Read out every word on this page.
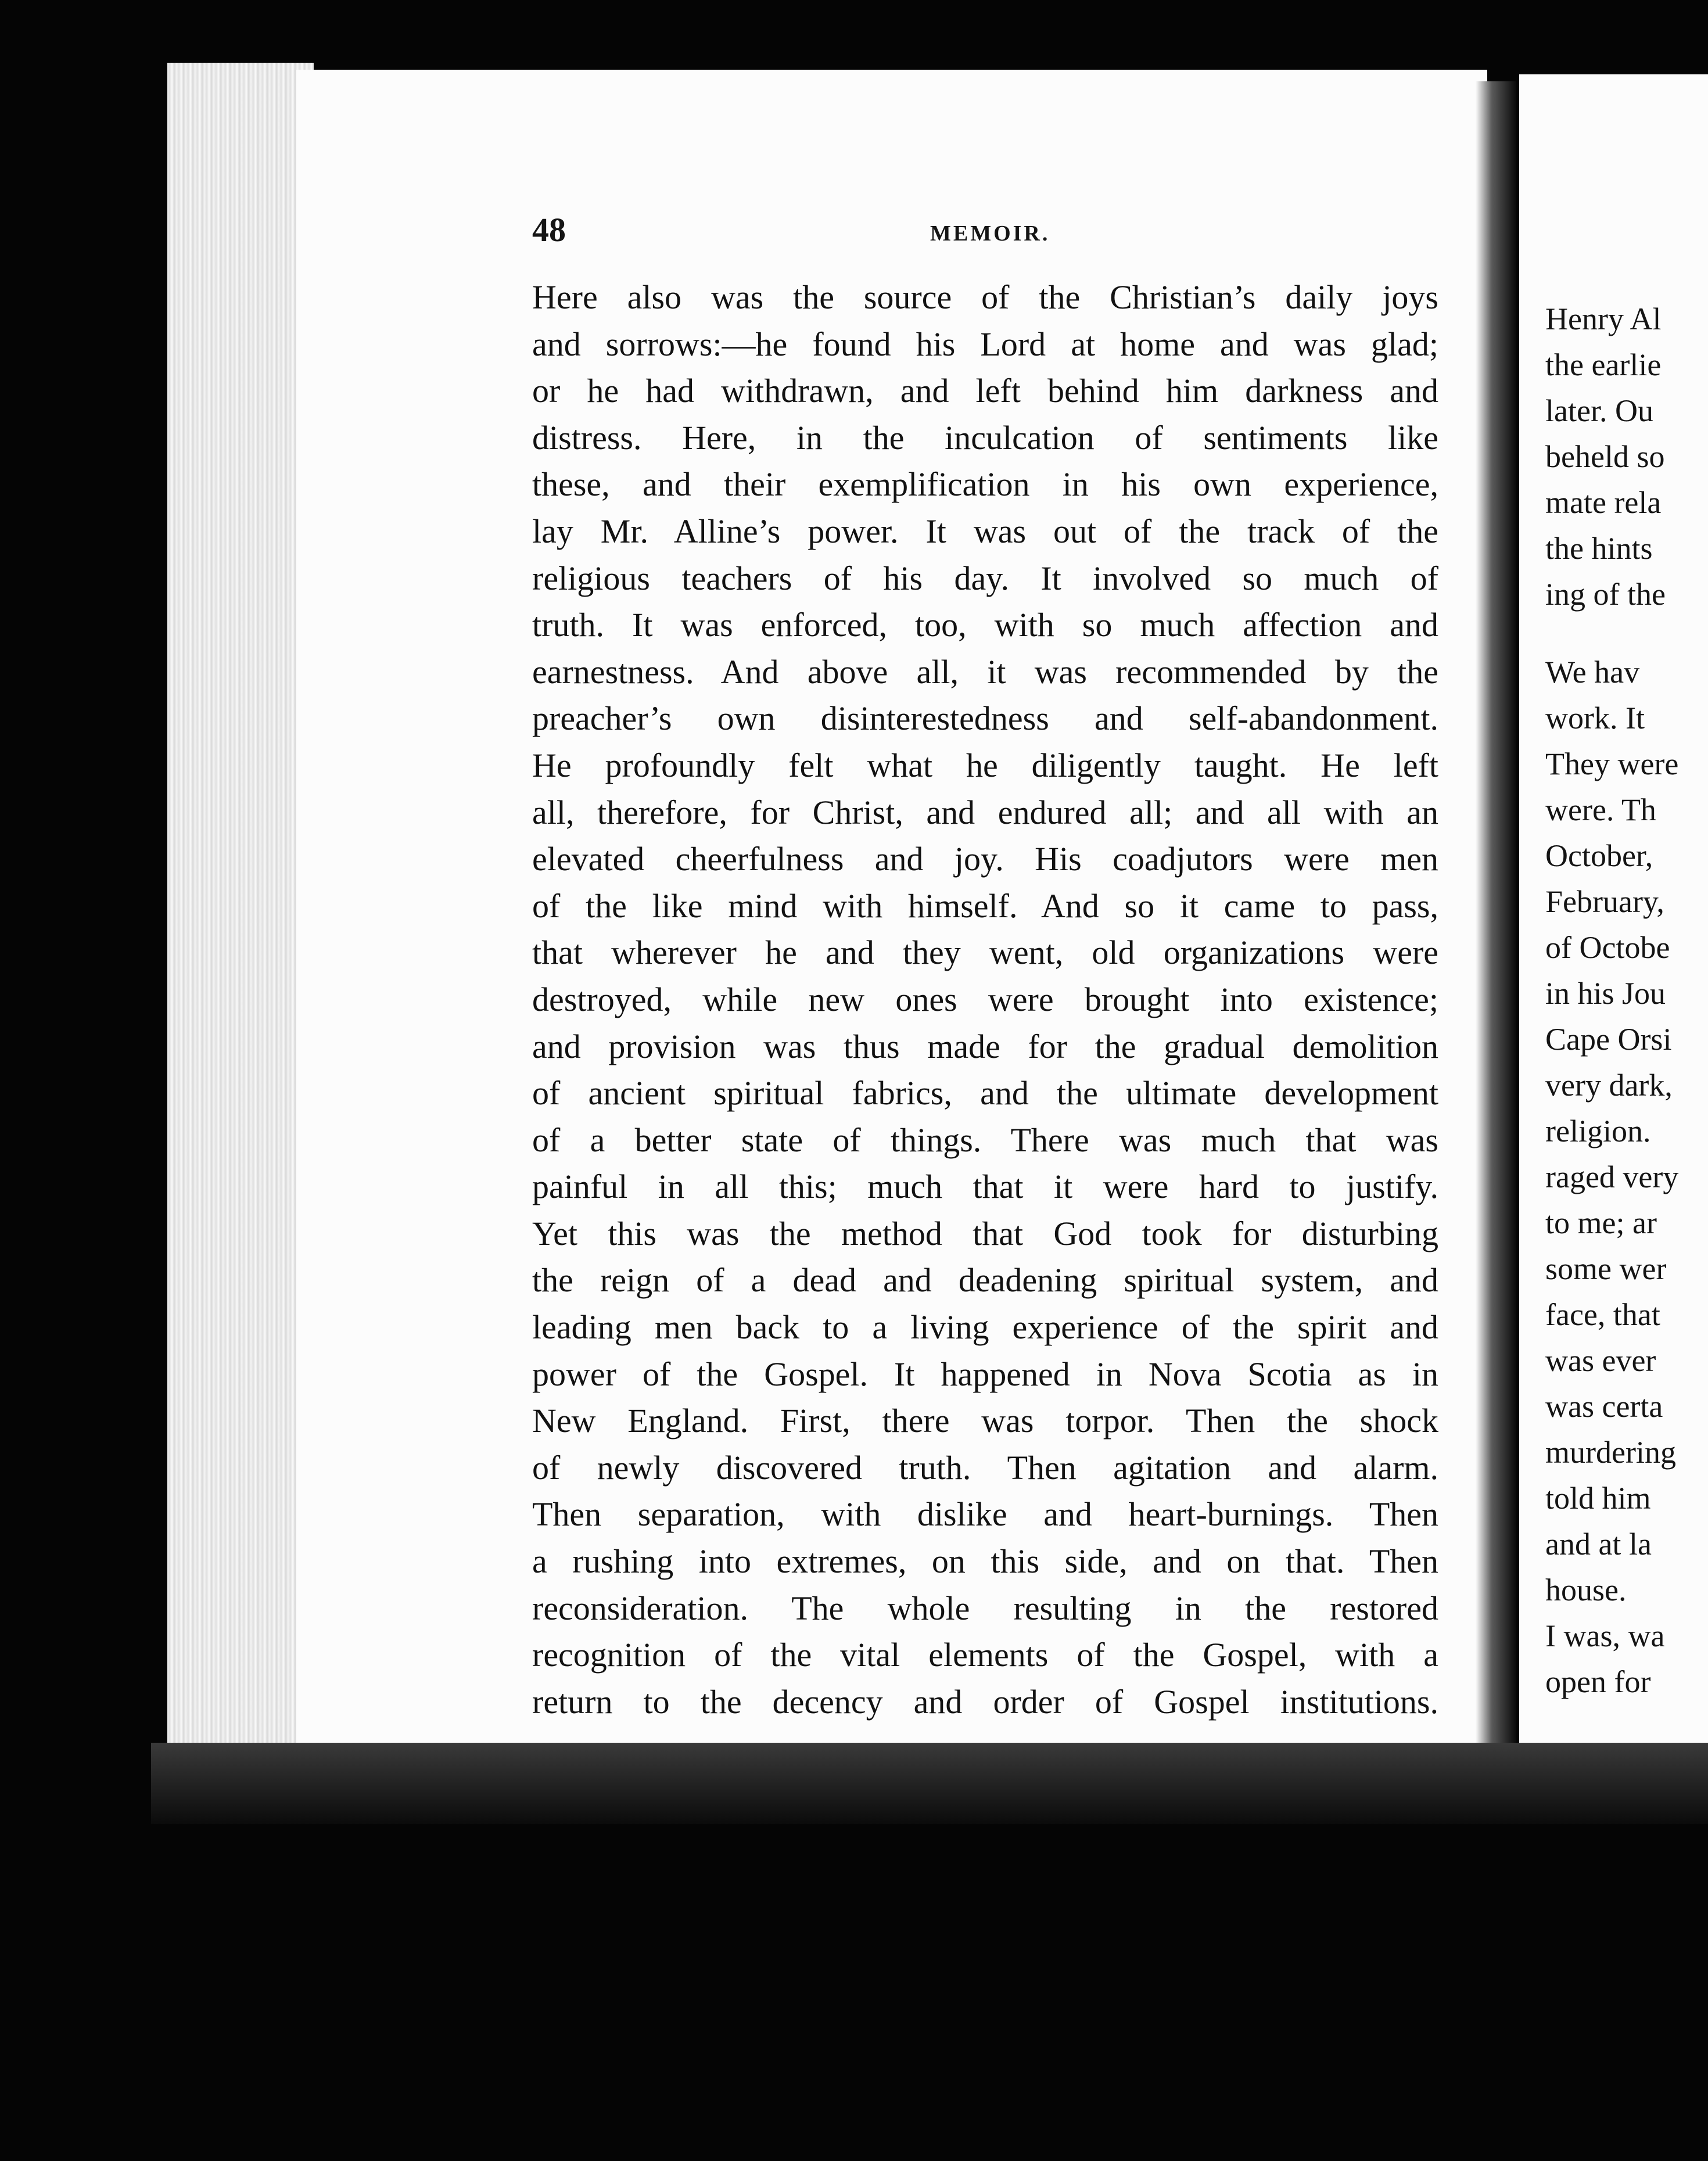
48	MEMOIR.
Here also was the source of the Christian’s daily joys
and sorrows:—he found his Lord at home and was glad;
or he had withdrawn, and left behind him darkness and
distress. Here, in the inculcation of sentiments like
these, and their exemplification in his own experience,
lay Mr. Alline’s power. It was out of the track of the
religious teachers of his day. It involved so much of
truth. It was enforced, too, with so much affection and
earnestness. And above all, it was recommended by the
preacher’s own disinterestedness and self-abandonment.
He profoundly felt what he diligently taught. He left
all, therefore, for Christ, and endured all; and all with an
elevated cheerfulness and joy. His coadjutors were men
of the like mind with himself. And so it came to pass,
that wherever he and they went, old organizations were
destroyed, while new ones were brought into existence;
and provision was thus made for the gradual demolition
of ancient spiritual fabrics, and the ultimate development
of a better state of things. There was much that was
painful in all this; much that it were hard to justify.
Yet this was the method that God took for disturbing
the reign of a dead and deadening spiritual system, and
leading men back to a living experience of the spirit and
power of the Gospel. It happened in Nova Scotia as in
New England. First, there was torpor. Then the shock
of newly discovered truth. Then agitation and alarm.
Then separation, with dislike and heart-burnings. Then
a rushing into extremes, on this side, and on that. Then
reconsideration. The whole resulting in the restored
recognition of the vital elements of the Gospel, with a
return to the decency and order of Gospel institutions.
Henry Al
the earlie
later. Ou
beheld so
mate rela
the hints
ing of the
We hav
work. It
They were
were. Th
October,
February,
of Octobe
in his Jou
Cape Orsi
very dark,
religion.
raged very
to me; ar
some wer
face, that
was ever
was certa
murdering
told him
and at la
house.
I was, wa
open for
